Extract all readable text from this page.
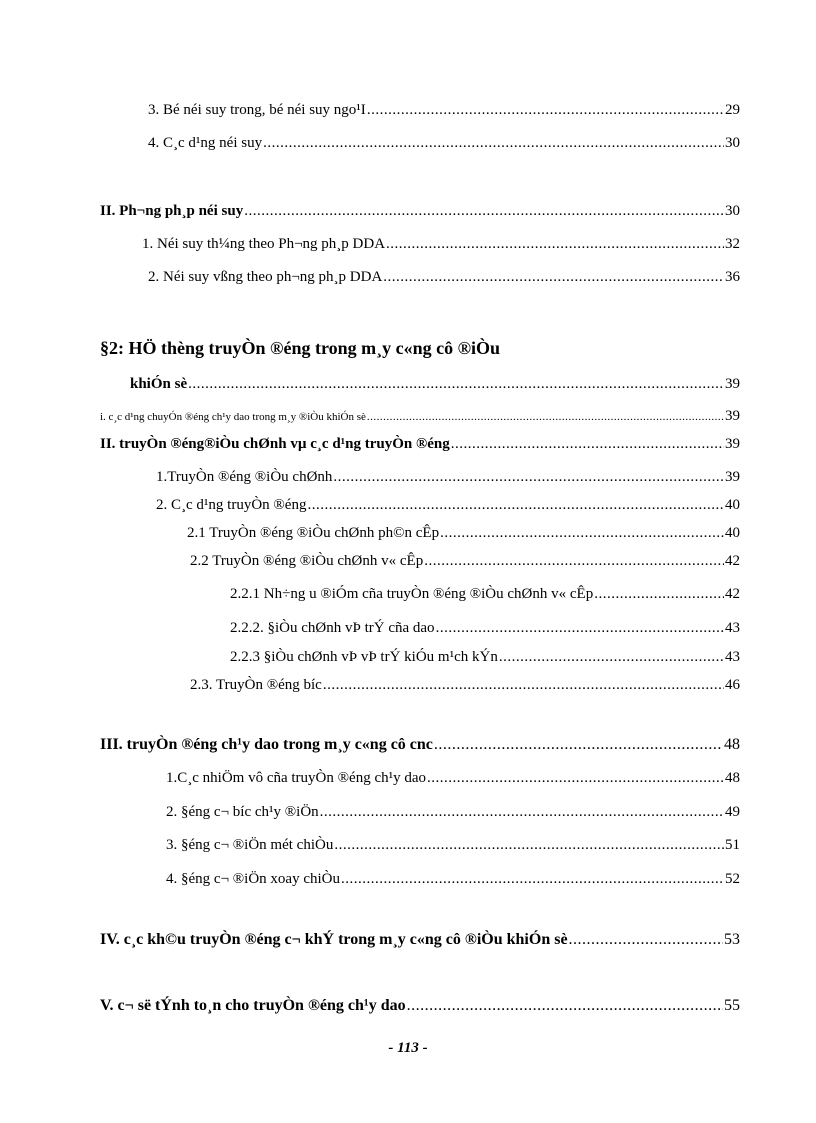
3. Bé néi suy trong, bé néi suy ngo¹I .....	29
4. C¸c d¹ng néi suy .....	30
II. Ph¬ng ph¸p néi suy .....	30
1. Néi suy th¼ng theo Ph¬ng ph¸p DDA .....	32
2. Néi suy vßng theo ph¬ng ph¸p DDA .....	36
§2: HÖ thèng truyÒn ®éng trong m¸y c«ng cô ®iÒu
khiÓn sè .....	39
i. c¸c d¹ng chuyÓn ®éng ch¹y dao trong m¸y ®iÒu khiÓn sè .....	39
II. truyÒn ®éng®iÒu chØnh vµ c¸c d¹ng truyÒn ®éng .....	39
1.TruyÒn ®éng ®iÒu chØnh .....	39
2. C¸c d¹ng truyÒn ®éng .....	40
2.1 TruyÒn ®éng ®iÒu chØnh ph©n cÊp .....	40
2.2 TruyÒn ®éng ®iÒu chØnh v« cÊp .....	42
2.2.1 Nh÷ng u ®iÓm cña truyÒn ®éng ®iÒu chØnh v« cÊp .....	42
2.2.2. §iÒu chØnh vÞ trÝ cña dao .....	43
2.2.3 §iÒu chØnh vÞ vÞ trÝ kiÓu m¹ch kÝn .....	43
2.3. TruyÒn ®éng bíc .....	46
III. truyÒn ®éng ch¹y dao trong m¸y c«ng cô cnc .....	48
1.C¸c nhiÖm vô cña truyÒn ®éng ch¹y dao .....	48
2. §éng c¬ bíc ch¹y ®iÖn .....	49
3. §éng c¬ ®iÖn mét chiÒu .....	51
4. §éng c¬ ®iÖn xoay chiÒu .....	52
IV. c¸c kh©u truyÒn ®éng c¬ khÝ trong m¸y c«ng cô ®iÒu khiÓn sè .....	53
V. c¬ së tÝnh to¸n cho truyÒn ®éng ch¹y dao .....	55
- 113 -
